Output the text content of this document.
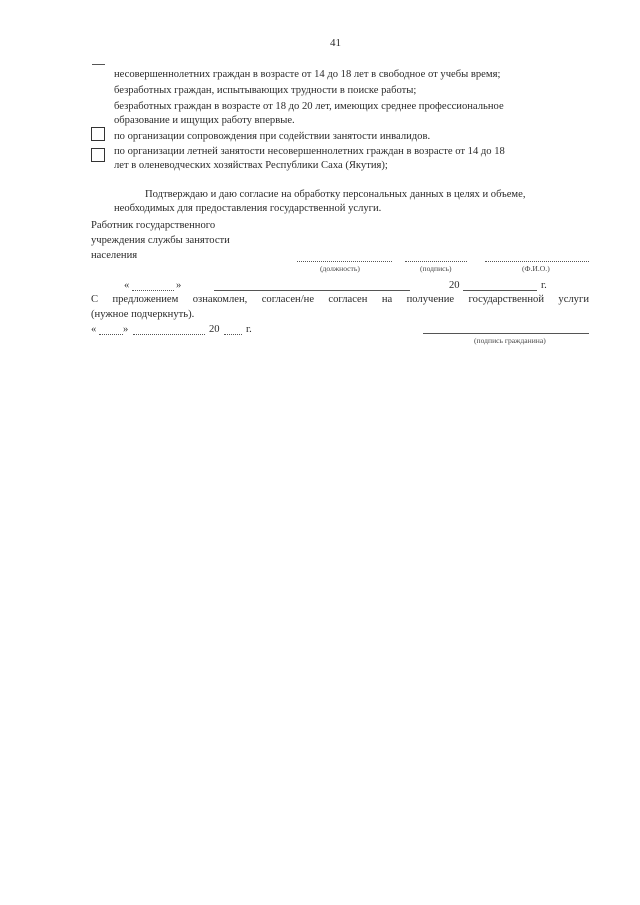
41
несовершеннолетних граждан в возрасте от 14 до 18 лет в свободное от учебы время;
безработных граждан, испытывающих трудности в поиске работы;
безработных граждан в возрасте от 18 до 20 лет, имеющих среднее профессиональное
образование и ищущих работу впервые.
по организации сопровождения при содействии занятости инвалидов.
по организации летней занятости несовершеннолетних граждан в возрасте от 14 до 18
лет в оленеводческих хозяйствах Республики Саха (Якутия);
Подтверждаю и даю согласие на обработку персональных данных в целях и объеме,
необходимых для предоставления государственной услуги.
Работник государственного
учреждения службы занятости
населения
(должность)	(подпись)	(Ф.И.О.)
«	»	20	г.
С предложением ознакомлен, согласен/не согласен на получение государственной услуги
(нужное подчеркнуть).
«	»	20 г.
(подпись гражданина)
